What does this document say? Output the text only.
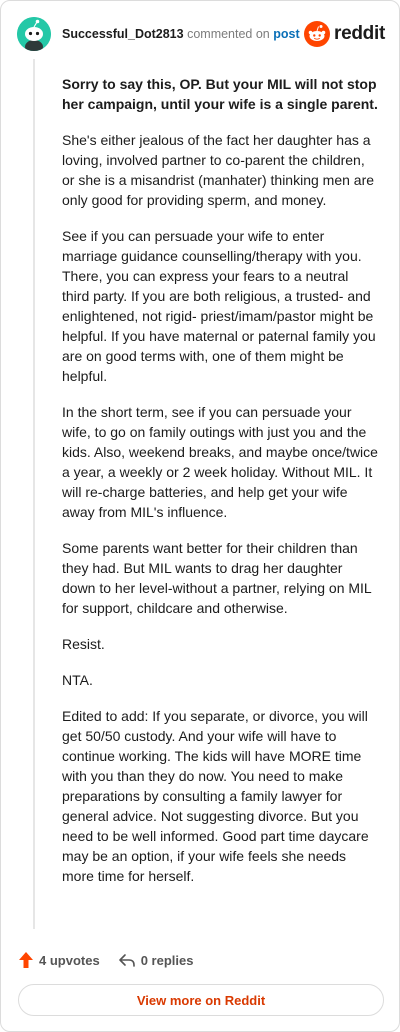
Successful_Dot2813 commented on post reddit

Sorry to say this, OP. But your MIL will not stop her campaign, until your wife is a single parent.

She's either jealous of the fact her daughter has a loving, involved partner to co-parent the children, or she is a misandrist (manhater) thinking men are only good for providing sperm, and money.

See if you can persuade your wife to enter marriage guidance counselling/therapy with you. There, you can express your fears to a neutral third party. If you are both religious, a trusted- and enlightened, not rigid- priest/imam/pastor might be helpful. If you have maternal or paternal family you are on good terms with, one of them might be helpful.

In the short term, see if you can persuade your wife, to go on family outings with just you and the kids. Also, weekend breaks, and maybe once/twice a year, a weekly or 2 week holiday. Without MIL. It will re-charge batteries, and help get your wife away from MIL's influence.

Some parents want better for their children than they had. But MIL wants to drag her daughter down to her level-without a partner, relying on MIL for support, childcare and otherwise.

Resist.

NTA.

Edited to add: If you separate, or divorce, you will get 50/50 custody. And your wife will have to continue working. The kids will have MORE time with you than they do now. You need to make preparations by consulting a family lawyer for general advice. Not suggesting divorce. But you need to be well informed. Good part time daycare may be an option, if your wife feels she needs more time for herself.

4 upvotes	0 replies
View more on Reddit
